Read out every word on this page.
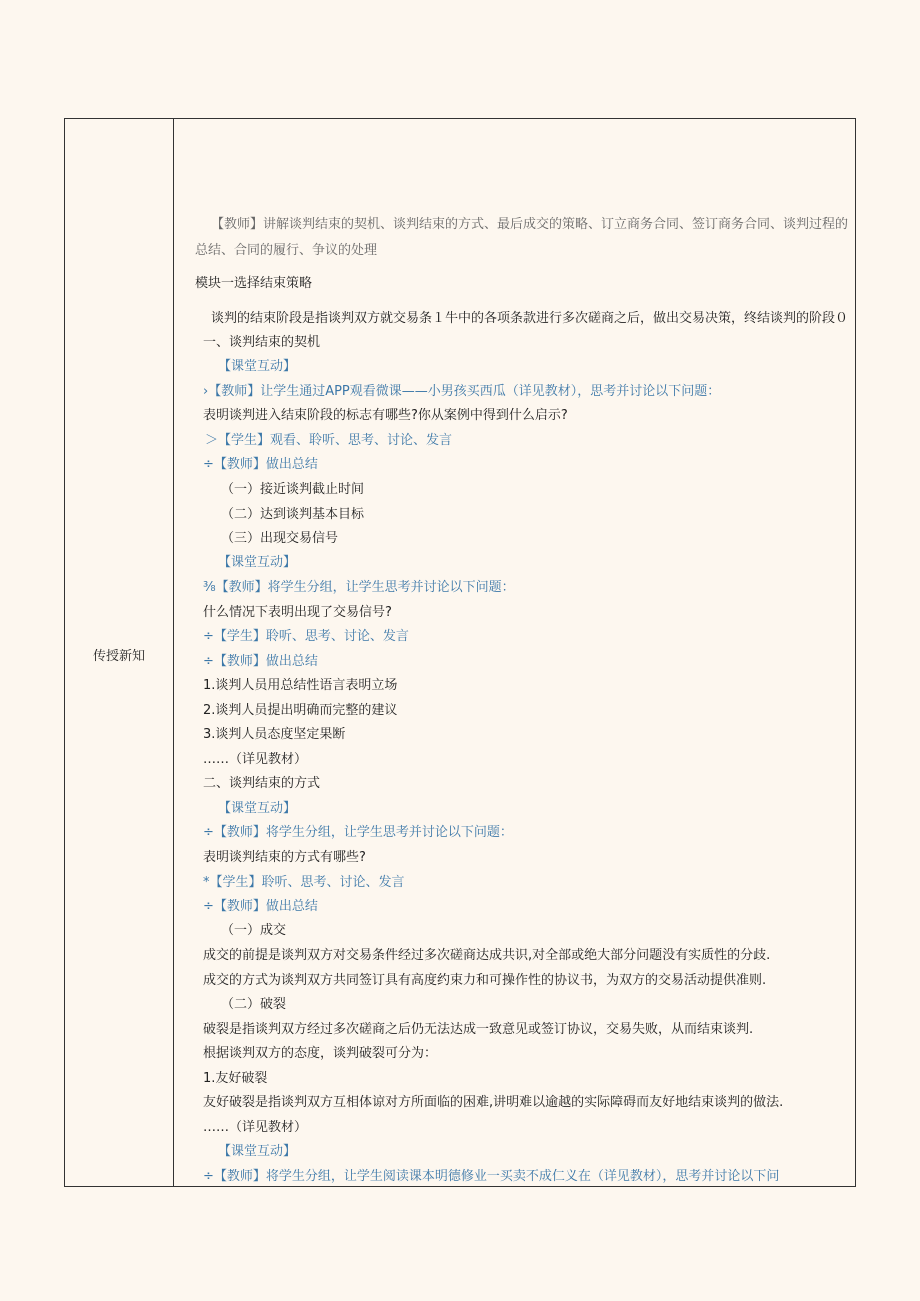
传授新知
【教师】讲解谈判结束的契机、谈判结束的方式、最后成交的策略、订立商务合同、签订商务合同、谈判过程的
总结、合同的履行、争议的处理
模块一选择结束策略
谈判的结束阶段是指谈判双方就交易条１牛中的各项条款进行多次磋商之后，做出交易决策，终结谈判的阶段０
一、谈判结束的契机
【课堂互动】
›【教师】让学生通过APP观看微课——小男孩买西瓜（详见教材），思考并讨论以下问题：
表明谈判进入结束阶段的标志有哪些?你从案例中得到什么启示?
＞【学生】观看、聆听、思考、讨论、发言
÷【教师】做出总结
（一）接近谈判截止时间
（二）达到谈判基本目标
（三）出现交易信号
【课堂互动】
⅜【教师】将学生分组，让学生思考并讨论以下问题：
什么情况下表明出现了交易信号?
÷【学生】聆听、思考、讨论、发言
÷【教师】做出总结
1.谈判人员用总结性语言表明立场
2.谈判人员提出明确而完整的建议
3.谈判人员态度坚定果断
……（详见教材）
二、谈判结束的方式
【课堂互动】
÷【教师】将学生分组，让学生思考并讨论以下问题：
表明谈判结束的方式有哪些?
*【学生】聆听、思考、讨论、发言
÷【教师】做出总结
（一）成交
成交的前提是谈判双方对交易条件经过多次磋商达成共识,对全部或绝大部分问题没有实质性的分歧.
成交的方式为谈判双方共同签订具有高度约束力和可操作性的协议书，为双方的交易活动提供准则.
（二）破裂
破裂是指谈判双方经过多次磋商之后仍无法达成一致意见或签订协议，交易失败，从而结束谈判.
根据谈判双方的态度，谈判破裂可分为：
1.友好破裂
友好破裂是指谈判双方互相体谅对方所面临的困难,讲明难以逾越的实际障碍而友好地结束谈判的做法.
……（详见教材）
【课堂互动】
÷【教师】将学生分组，让学生阅读课本明德修业一买卖不成仁义在（详见教材），思考并讨论以下问
